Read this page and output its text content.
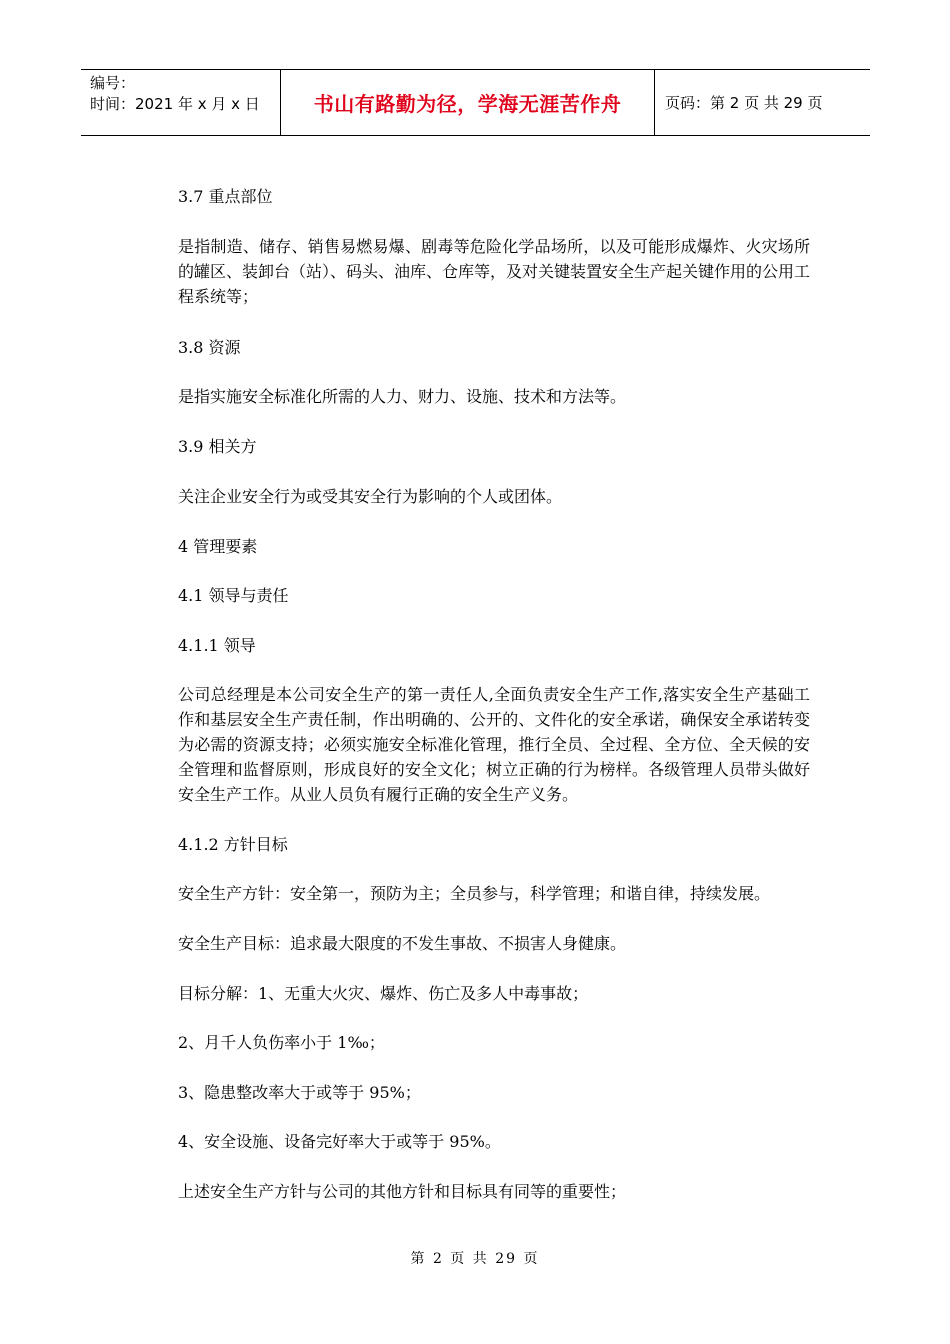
编号：
时间：2021 年 x 月 x 日	书山有路勤为径，学海无涯苦作舟	页码：第 2 页 共 29 页

3.7 重点部位

是指制造、储存、销售易燃易爆、剧毒等危险化学品场所，以及可能形成爆炸、火灾场所的罐区、装卸台（站）、码头、油库、仓库等，及对关键装置安全生产起关键作用的公用工程系统等；

3.8 资源

是指实施安全标准化所需的人力、财力、设施、技术和方法等。

3.9 相关方

关注企业安全行为或受其安全行为影响的个人或团体。

4 管理要素

4.1 领导与责任

4.1.1 领导

公司总经理是本公司安全生产的第一责任人,全面负责安全生产工作,落实安全生产基础工作和基层安全生产责任制，作出明确的、公开的、文件化的安全承诺，确保安全承诺转变为必需的资源支持；必须实施安全标准化管理，推行全员、全过程、全方位、全天候的安全管理和监督原则，形成良好的安全文化；树立正确的行为榜样。各级管理人员带头做好安全生产工作。从业人员负有履行正确的安全生产义务。

4.1.2 方针目标

安全生产方针：安全第一，预防为主；全员参与，科学管理；和谐自律，持续发展。

安全生产目标：追求最大限度的不发生事故、不损害人身健康。

目标分解：1、无重大火灾、爆炸、伤亡及多人中毒事故；

2、月千人负伤率小于 1‰；

3、隐患整改率大于或等于 95%；

4、安全设施、设备完好率大于或等于 95%。

上述安全生产方针与公司的其他方针和目标具有同等的重要性；

第 2 页 共 29 页
